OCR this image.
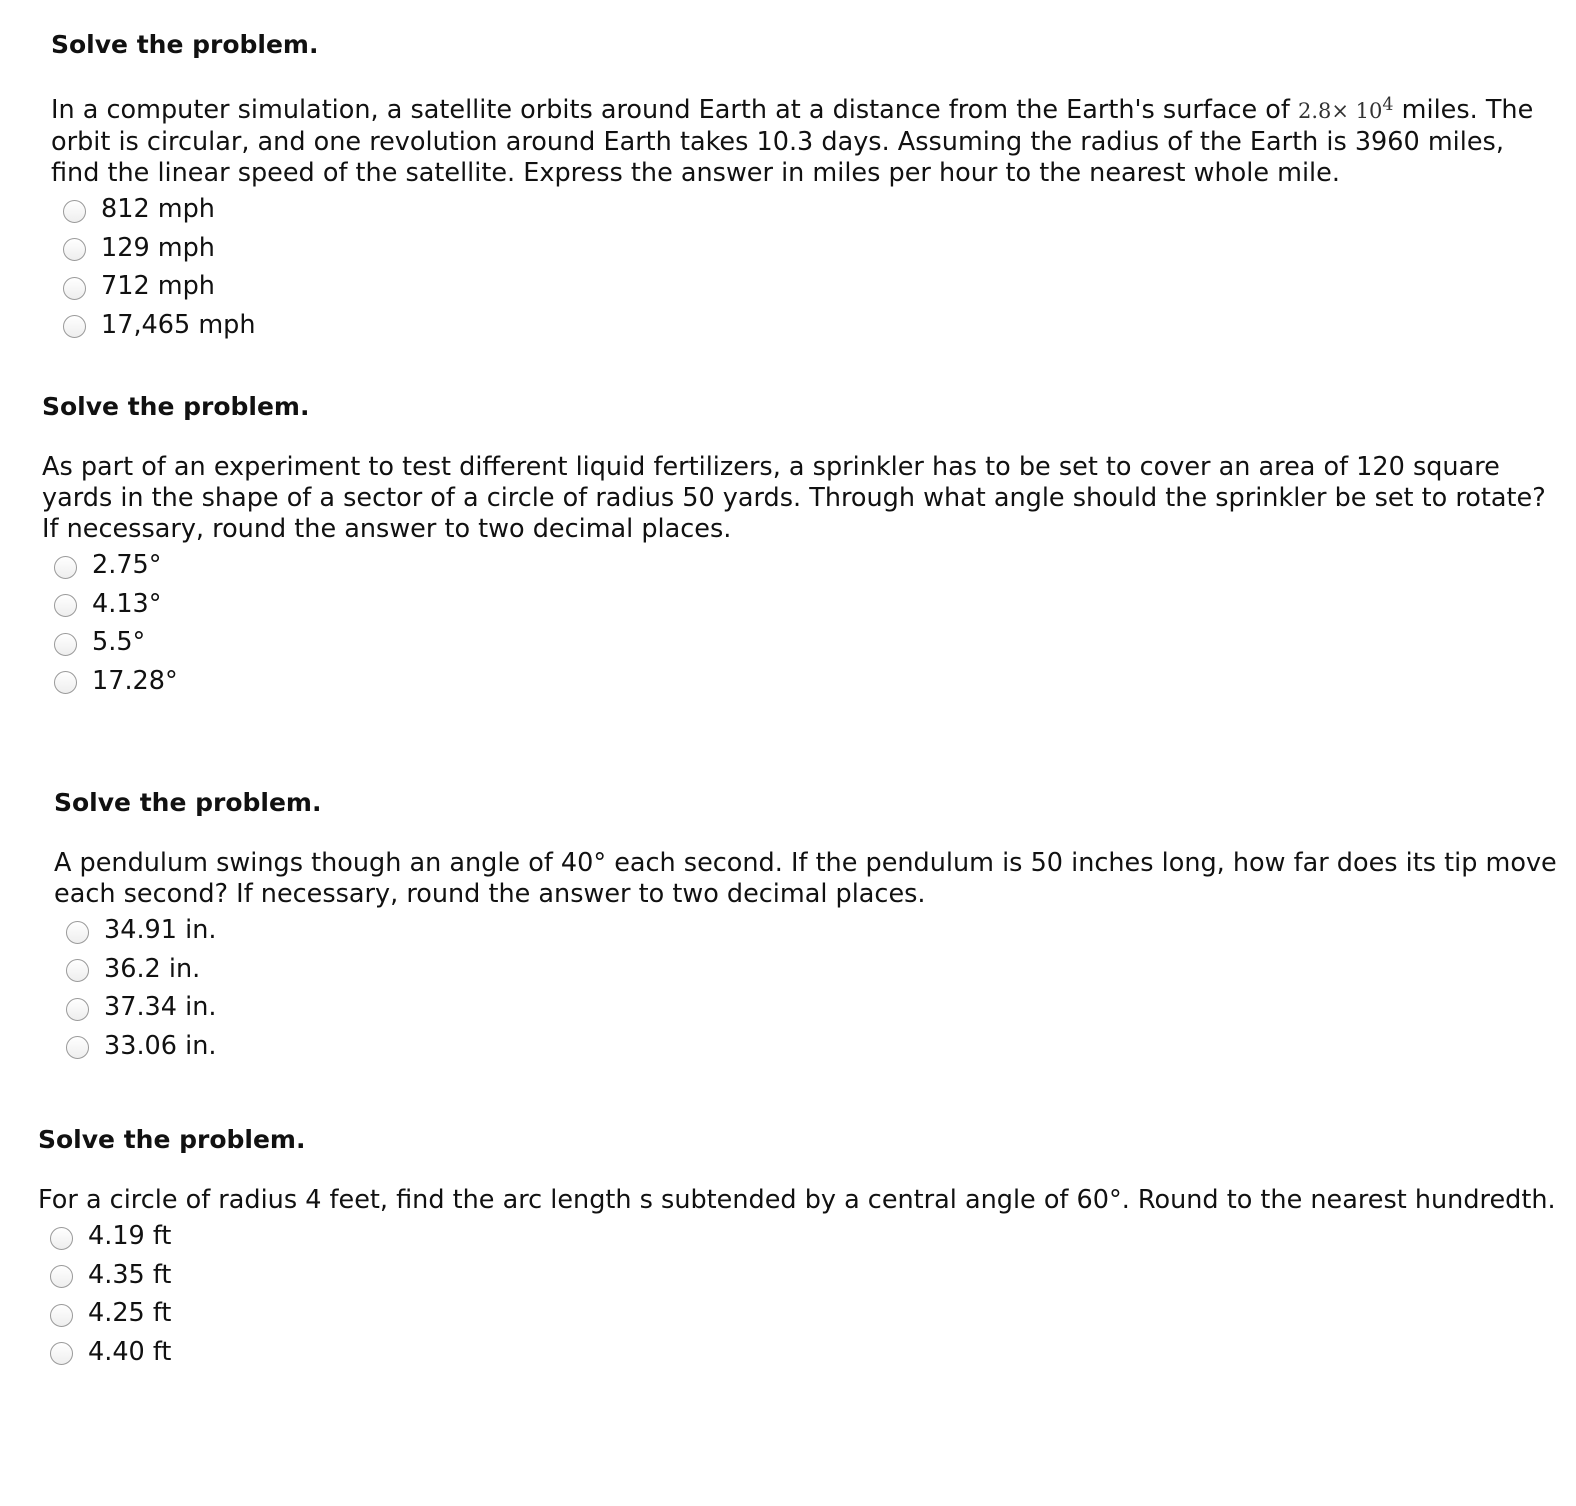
Solve the problem.

In a computer simulation, a satellite orbits around Earth at a distance from the Earth's surface of $2.8\times 10^4$ miles. The orbit is circular, and one revolution around Earth takes 10.3 days. Assuming the radius of the Earth is 3960 miles, find the linear speed of the satellite. Express the answer in miles per hour to the nearest whole mile.

812 mph
129 mph
712 mph
17,465 mph

Solve the problem.

As part of an experiment to test different liquid fertilizers, a sprinkler has to be set to cover an area of 120 square yards in the shape of a sector of a circle of radius 50 yards. Through what angle should the sprinkler be set to rotate? If necessary, round the answer to two decimal places.

2.75°
4.13°
5.5°
17.28°

Solve the problem.

A pendulum swings though an angle of 40° each second. If the pendulum is 50 inches long, how far does its tip move each second? If necessary, round the answer to two decimal places.

34.91 in.
36.2 in.
37.34 in.
33.06 in.

Solve the problem.

For a circle of radius 4 feet, find the arc length s subtended by a central angle of 60°. Round to the nearest hundredth.

4.19 ft
4.35 ft
4.25 ft
4.40 ft
